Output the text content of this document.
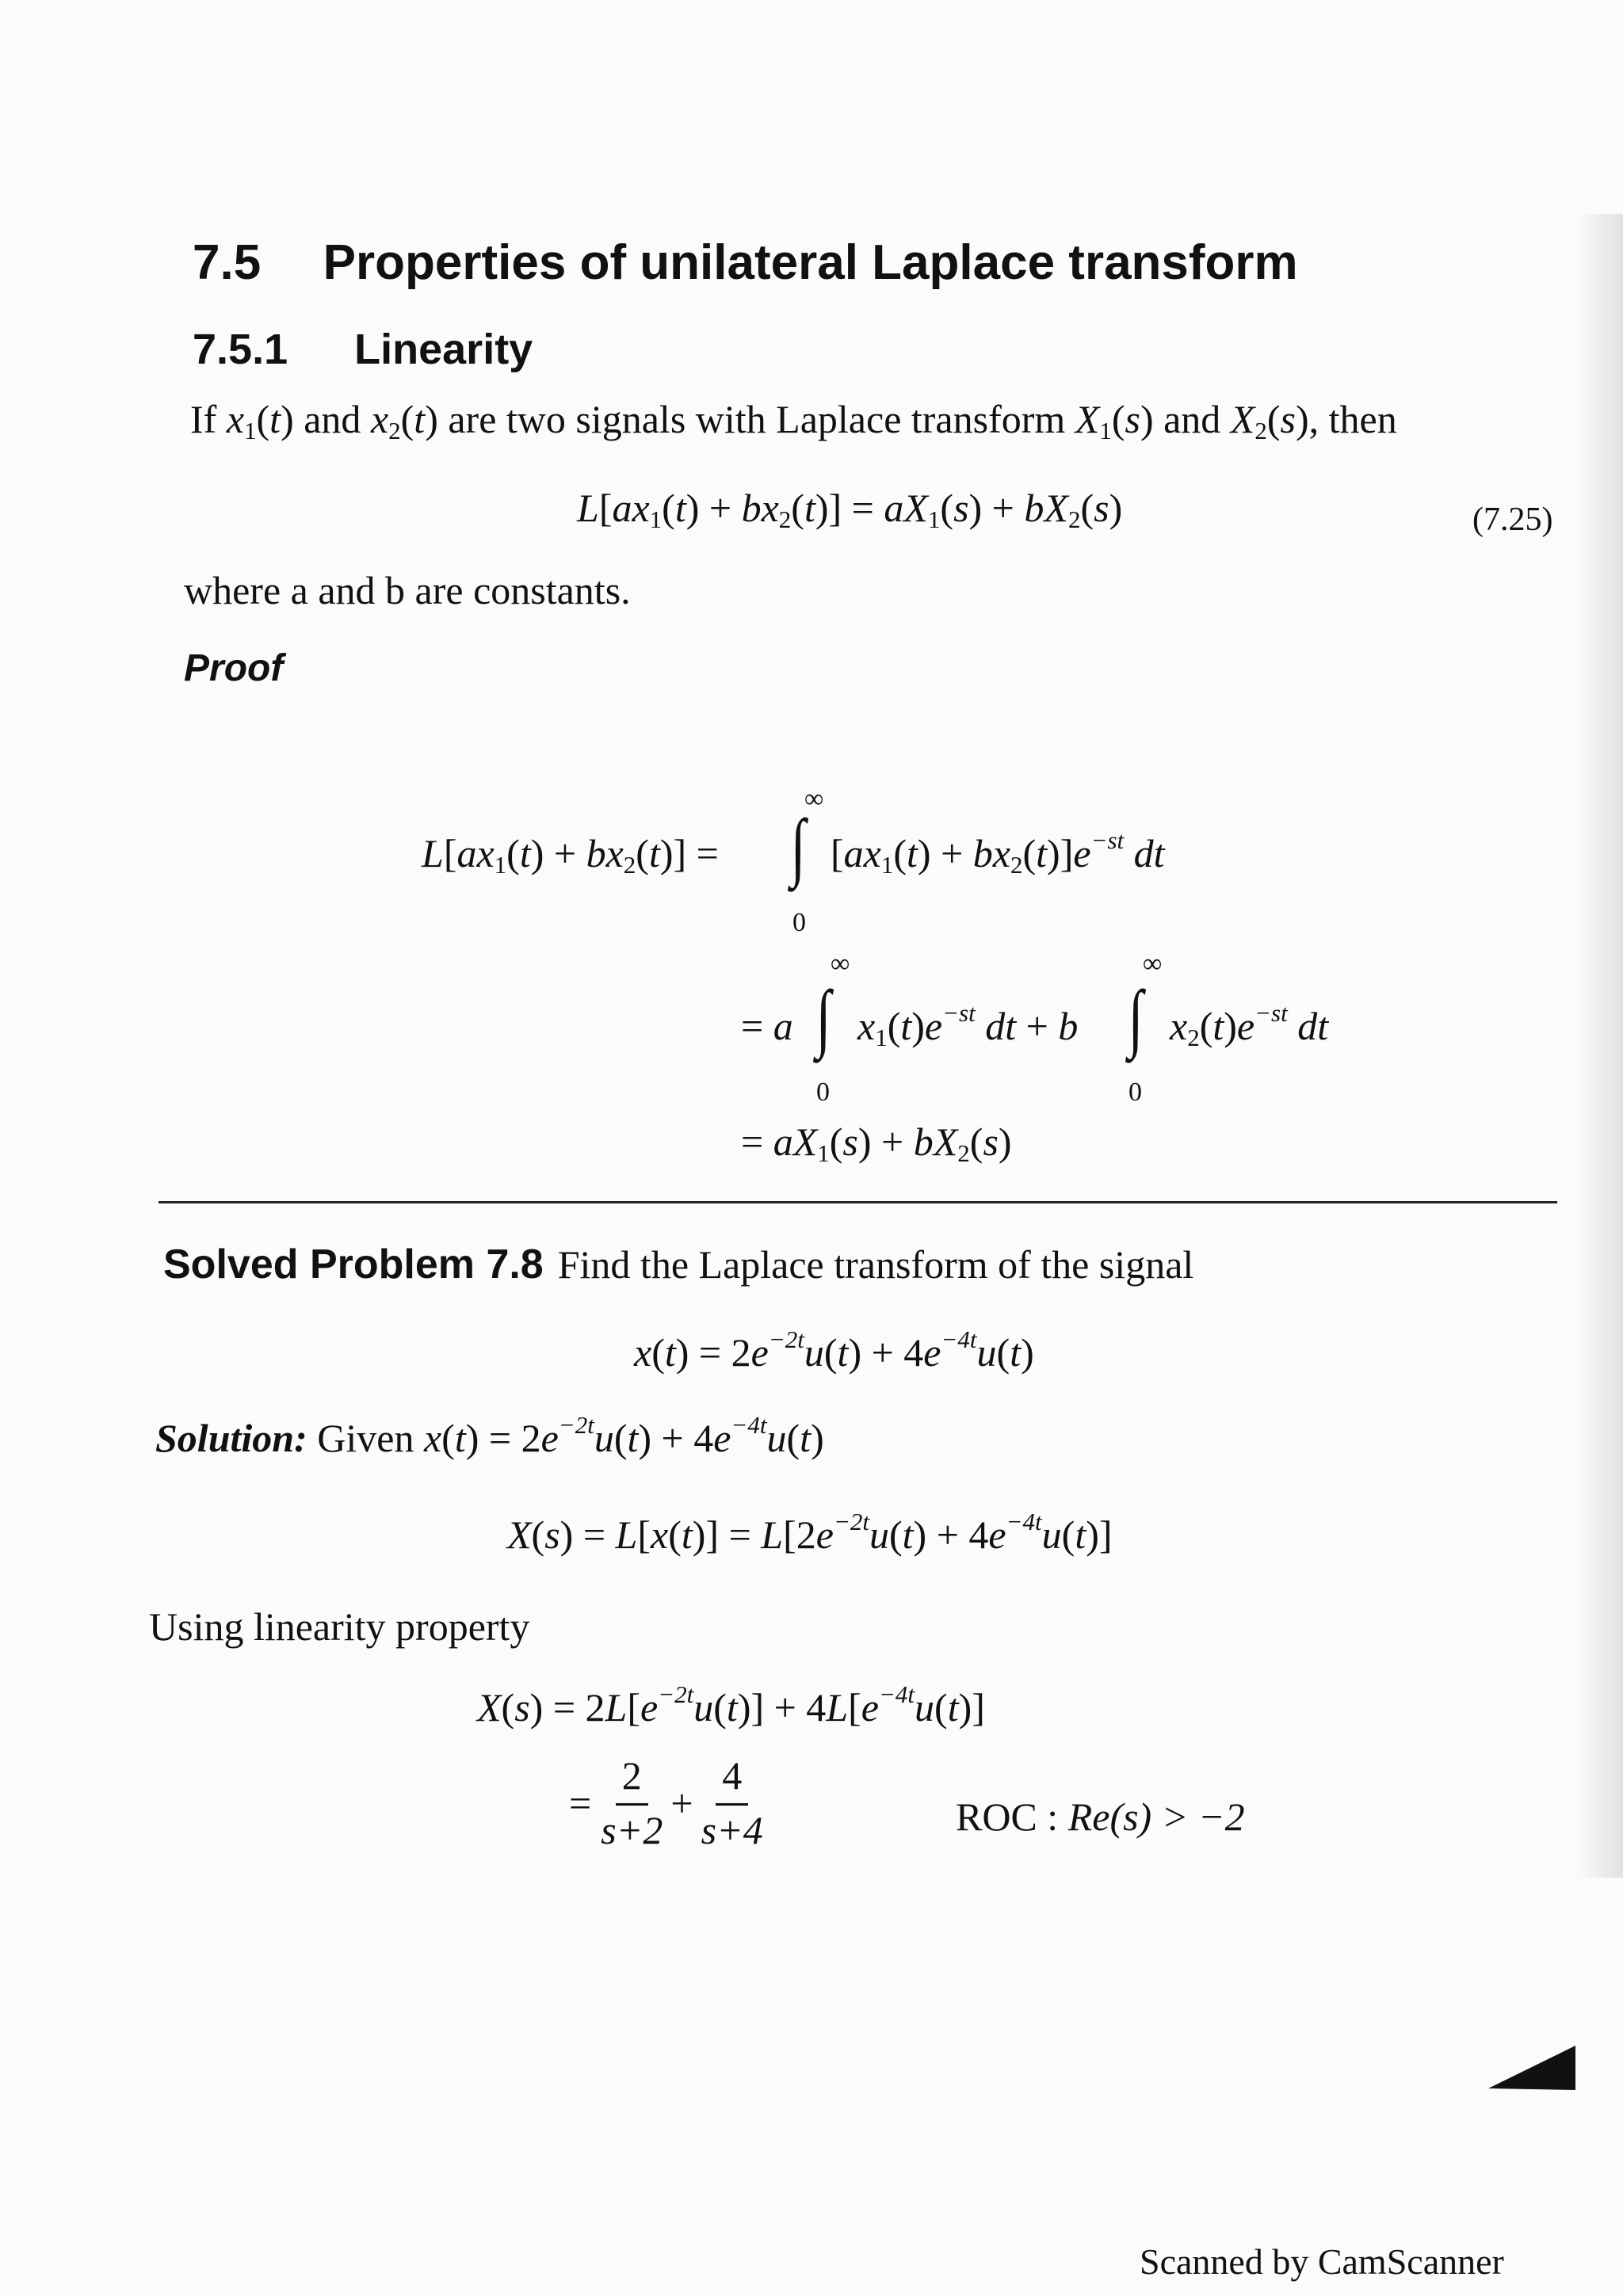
7.5 Properties of unilateral Laplace transform
7.5.1 Linearity
If $x_1(t)$ and $x_2(t)$ are two signals with Laplace transform $X_1(s)$ and $X_2(s)$, then
$L[ax_1(t) + bx_2(t)] = aX_1(s) + bX_2(s)$	(7.25)
where a and b are constants.
Proof
$L[ax_1(t) + bx_2(t)]$ =
∞
∫
0
$[ax_1(t) + bx_2(t)]e^{-st}$ dt
= a
∞
∫
0
$x_1(t)e^{-st}$ dt + b
∞
∫
0
$x_2(t)e^{-st}$ dt
= $aX_1(s) + bX_2(s)$
Solved Problem 7.8 Find the Laplace transform of the signal
$x(t) = 2e^{-2t}u(t) + 4e^{-4t}u(t)$
Solution: Given $x(t) = 2e^{-2t}u(t) + 4e^{-4t}u(t)$
$X(s) = L[x(t)] = L[2e^{-2t}u(t) + 4e^{-4t}u(t)]$
Using linearity property
$X(s) = 2L[e^{-2t}u(t)] + 4L[e^{-4t}u(t)]$
= $\frac{2}{s+2} + \frac{4}{s+4}$	ROC : Re(s) > −2
Scanned by CamScanner
